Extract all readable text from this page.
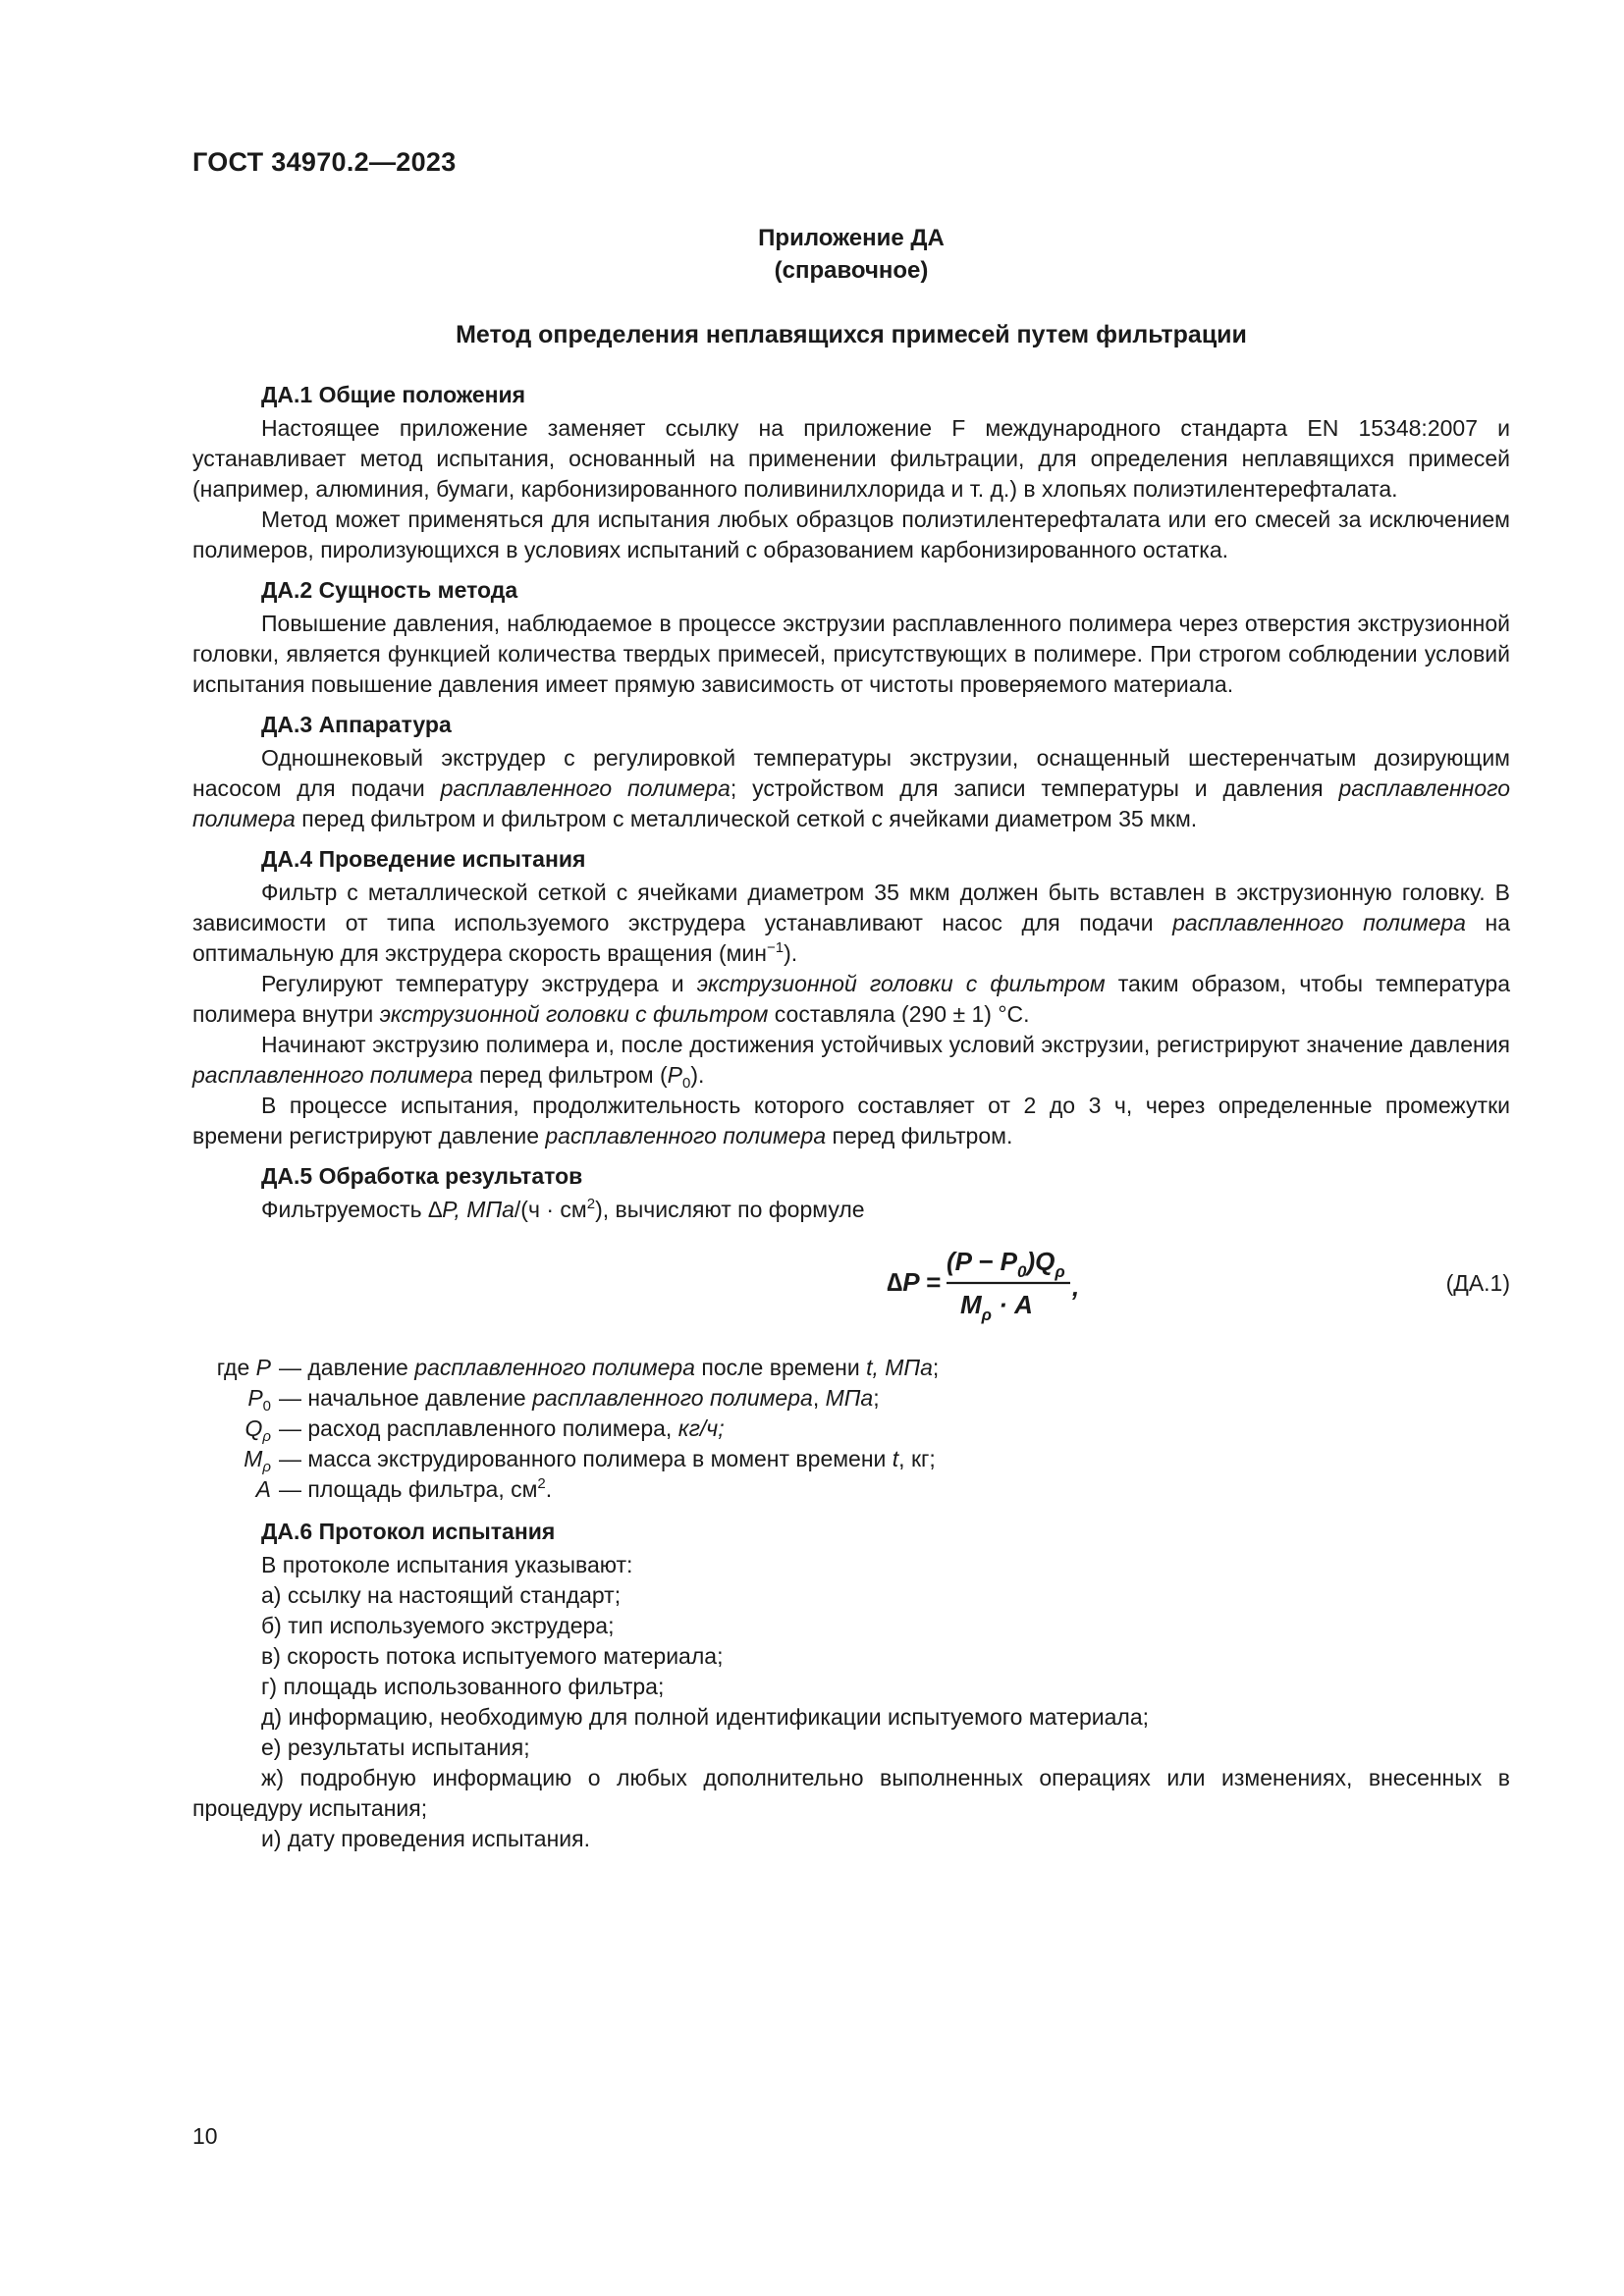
ГОСТ 34970.2—2023
Приложение ДА
(справочное)
Метод определения неплавящихся примесей путем фильтрации
ДА.1 Общие положения

Настоящее приложение заменяет ссылку на приложение F международного стандарта EN 15348:2007 и устанавливает метод испытания, основанный на применении фильтрации, для определения неплавящихся примесей (например, алюминия, бумаги, карбонизированного поливинилхлорида и т. д.) в хлопьях полиэтилентерефталата.

Метод может применяться для испытания любых образцов полиэтилентерефталата или его смесей за исключением полимеров, пиролизующихся в условиях испытаний с образованием карбонизированного остатка.

ДА.2 Сущность метода

Повышение давления, наблюдаемое в процессе экструзии расплавленного полимера через отверстия экструзионной головки, является функцией количества твердых примесей, присутствующих в полимере. При строгом соблюдении условий испытания повышение давления имеет прямую зависимость от чистоты проверяемого материала.

ДА.3 Аппаратура

Одношнековый экструдер с регулировкой температуры экструзии, оснащенный шестеренчатым дозирующим насосом для подачи расплавленного полимера; устройством для записи температуры и давления расплавленного полимера перед фильтром и фильтром с металлической сеткой с ячейками диаметром 35 мкм.

ДА.4 Проведение испытания

Фильтр с металлической сеткой с ячейками диаметром 35 мкм должен быть вставлен в экструзионную головку. В зависимости от типа используемого экструдера устанавливают насос для подачи расплавленного полимера на оптимальную для экструдера скорость вращения (мин$^{-1}$).

Регулируют температуру экструдера и экструзионной головки с фильтром таким образом, чтобы температура полимера внутри экструзионной головки с фильтром составляла (290 ± 1) °С.

Начинают экструзию полимера и, после достижения устойчивых условий экструзии, регистрируют значение давления расплавленного полимера перед фильтром $(P_0)$.

В процессе испытания, продолжительность которого составляет от 2 до 3 ч, через определенные промежутки времени регистрируют давление расплавленного полимера перед фильтром.

ДА.5 Обработка результатов

Фильтруемость ∆P, $МПа/(ч \cdot см^2)$, вычисляют по формуле

∆P =
$(P - P_0)Q_\rho$
$M_\rho \cdot A$
,	(ДА.1)
где P — давление расплавленного полимера после времени t, МПа;
$P_0$ — начальное давление расплавленного полимера, МПа;
$Q_\rho$ — расход расплавленного полимера, кг/ч;
$M_\rho$ — масса экструдированного полимера в момент времени t, кг;
A — площадь фильтра, $см^2$.
ДА.6 Протокол испытания
В протоколе испытания указывают:
а) ссылку на настоящий стандарт;
б) тип используемого экструдера;
в) скорость потока испытуемого материала;
г) площадь использованного фильтра;
д) информацию, необходимую для полной идентификации испытуемого материала;
е) результаты испытания;
ж) подробную информацию о любых дополнительно выполненных операциях или изменениях, внесенных в процедуру испытания;
и) дату проведения испытания.
10
